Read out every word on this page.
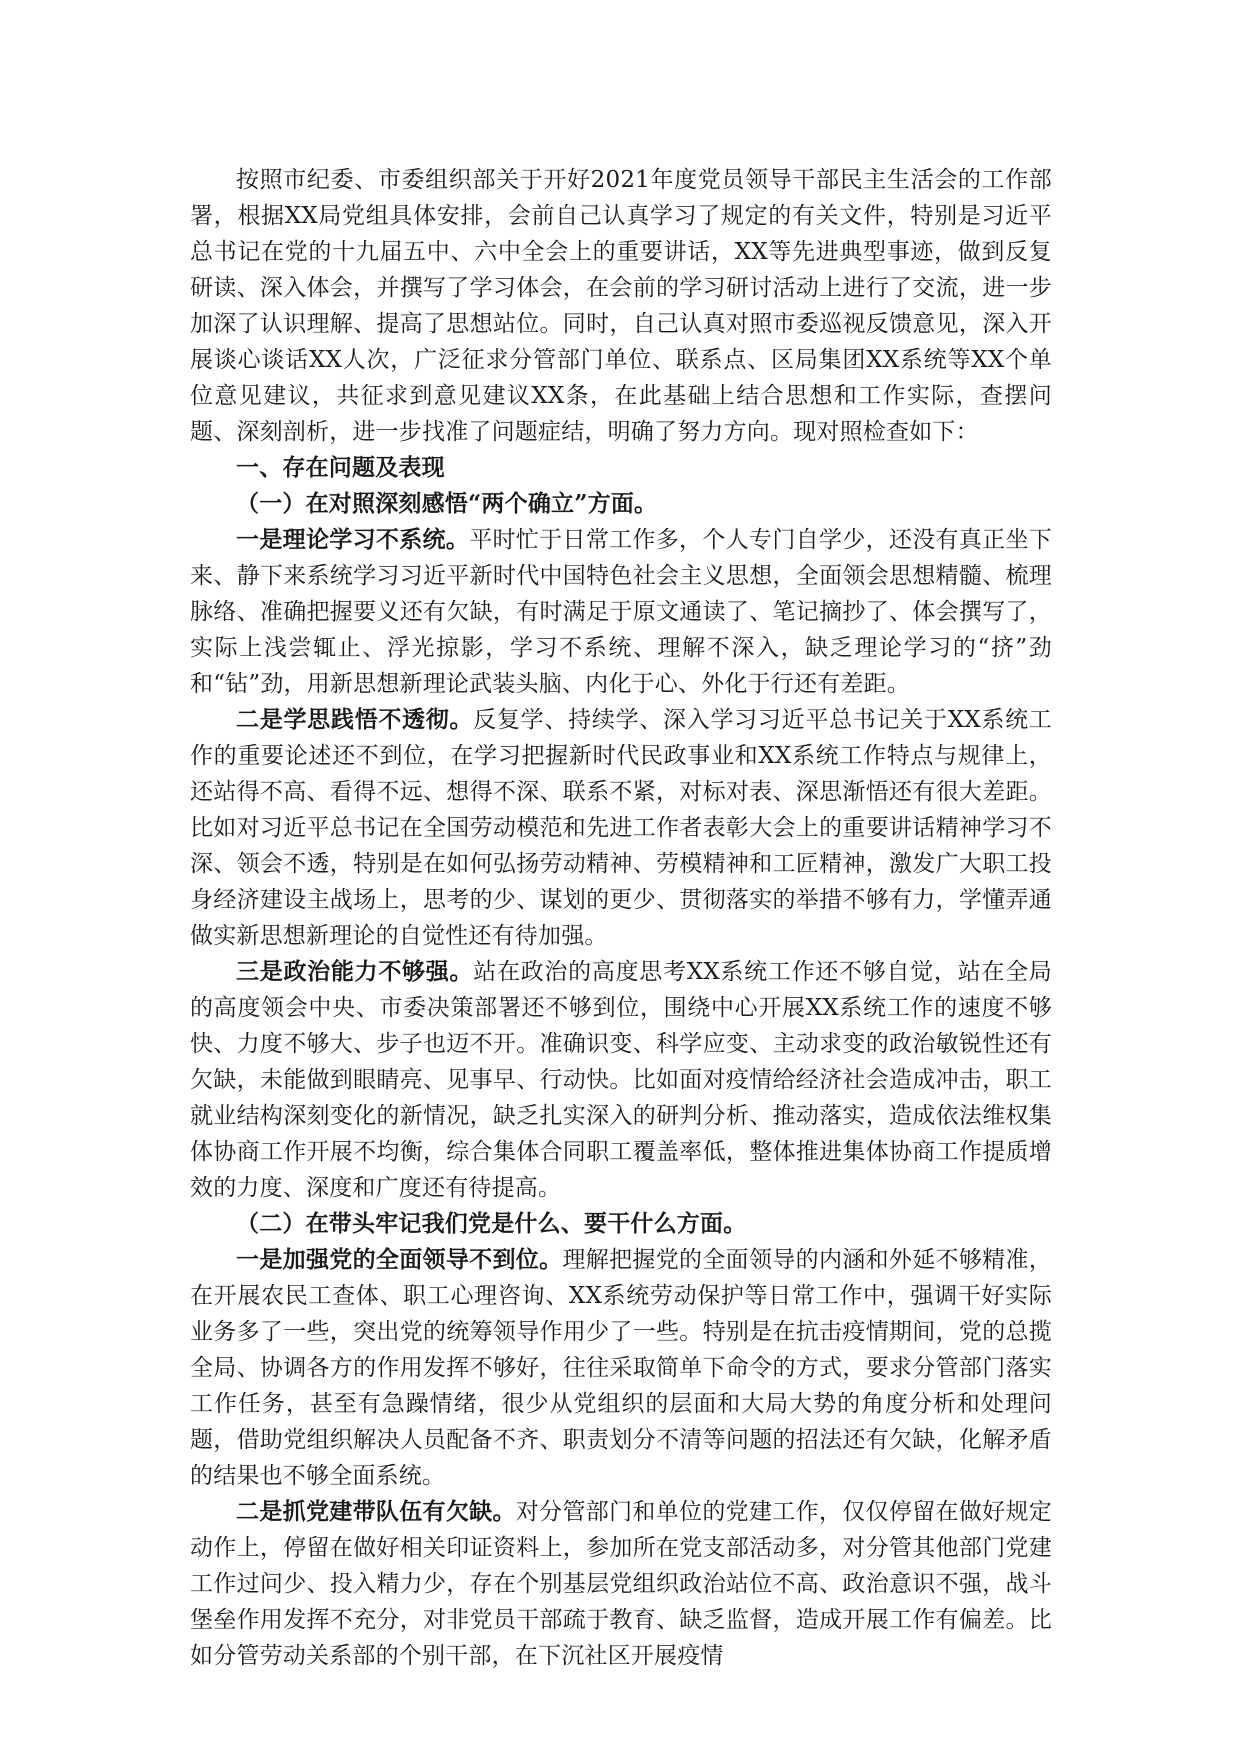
按照市纪委、市委组织部关于开好2021年度党员领导干部民主生活会的工作部署，根据XX局党组具体安排，会前自己认真学习了规定的有关文件，特别是习近平总书记在党的十九届五中、六中全会上的重要讲话，XX等先进典型事迹，做到反复研读、深入体会，并撰写了学习体会，在会前的学习研讨活动上进行了交流，进一步加深了认识理解、提高了思想站位。同时，自己认真对照市委巡视反馈意见，深入开展谈心谈话XX人次，广泛征求分管部门单位、联系点、区局集团XX系统等XX个单位意见建议，共征求到意见建议XX条，在此基础上结合思想和工作实际，查摆问题、深刻剖析，进一步找准了问题症结，明确了努力方向。现对照检查如下：

一、存在问题及表现

（一）在对照深刻感悟“两个确立”方面。

一是理论学习不系统。平时忙于日常工作多，个人专门自学少，还没有真正坐下来、静下来系统学习习近平新时代中国特色社会主义思想，全面领会思想精髓、梳理脉络、准确把握要义还有欠缺，有时满足于原文通读了、笔记摘抄了、体会撰写了，实际上浅尝辄止、浮光掠影，学习不系统、理解不深入，缺乏理论学习的“挤”劲和“钻”劲，用新思想新理论武装头脑、内化于心、外化于行还有差距。

二是学思践悟不透彻。反复学、持续学、深入学习习近平总书记关于XX系统工作的重要论述还不到位，在学习把握新时代民政事业和XX系统工作特点与规律上，还站得不高、看得不远、想得不深、联系不紧，对标对表、深思渐悟还有很大差距。比如对习近平总书记在全国劳动模范和先进工作者表彰大会上的重要讲话精神学习不深、领会不透，特别是在如何弘扬劳动精神、劳模精神和工匠精神，激发广大职工投身经济建设主战场上，思考的少、谋划的更少、贯彻落实的举措不够有力，学懂弄通做实新思想新理论的自觉性还有待加强。

三是政治能力不够强。站在政治的高度思考XX系统工作还不够自觉，站在全局的高度领会中央、市委决策部署还不够到位，围绕中心开展XX系统工作的速度不够快、力度不够大、步子也迈不开。准确识变、科学应变、主动求变的政治敏锐性还有欠缺，未能做到眼睛亮、见事早、行动快。比如面对疫情给经济社会造成冲击，职工就业结构深刻变化的新情况，缺乏扎实深入的研判分析、推动落实，造成依法维权集体协商工作开展不均衡，综合集体合同职工覆盖率低，整体推进集体协商工作提质增效的力度、深度和广度还有待提高。

（二）在带头牢记我们党是什么、要干什么方面。

一是加强党的全面领导不到位。理解把握党的全面领导的内涵和外延不够精准，在开展农民工查体、职工心理咨询、XX系统劳动保护等日常工作中，强调干好实际业务多了一些，突出党的统筹领导作用少了一些。特别是在抗击疫情期间，党的总揽全局、协调各方的作用发挥不够好，往往采取简单下命令的方式，要求分管部门落实工作任务，甚至有急躁情绪，很少从党组织的层面和大局大势的角度分析和处理问题，借助党组织解决人员配备不齐、职责划分不清等问题的招法还有欠缺，化解矛盾的结果也不够全面系统。

二是抓党建带队伍有欠缺。对分管部门和单位的党建工作，仅仅停留在做好规定动作上，停留在做好相关印证资料上，参加所在党支部活动多，对分管其他部门党建工作过问少、投入精力少，存在个别基层党组织政治站位不高、政治意识不强，战斗堡垒作用发挥不充分，对非党员干部疏于教育、缺乏监督，造成开展工作有偏差。比如分管劳动关系部的个别干部，在下沉社区开展疫情
